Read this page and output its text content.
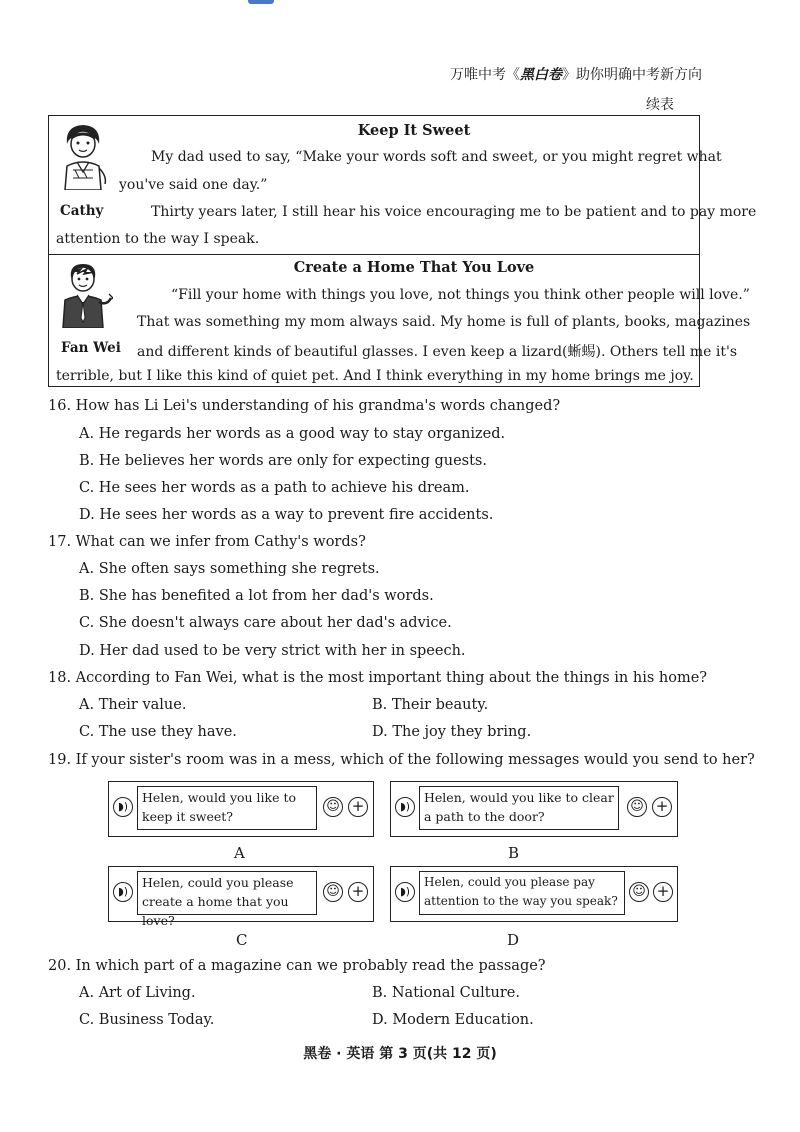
万唯中考《黑白卷》助你明确中考新方向
续表
Cathy
Keep It Sweet
My dad used to say, “Make your words soft and sweet, or you might regret what
you've said one day.”
Thirty years later, I still hear his voice encouraging me to be patient and to pay more
attention to the way I speak.
Fan Wei
Create a Home That You Love
“Fill your home with things you love, not things you think other people will love.”
That was something my mom always said. My home is full of plants, books, magazines
and different kinds of beautiful glasses. I even keep a lizard(蜥蜴). Others tell me it's
terrible, but I like this kind of quiet pet. And I think everything in my home brings me joy.
16. How has Li Lei's understanding of his grandma's words changed?
A. He regards her words as a good way to stay organized.
B. He believes her words are only for expecting guests.
C. He sees her words as a path to achieve his dream.
D. He sees her words as a way to prevent fire accidents.
17. What can we infer from Cathy's words?
A. She often says something she regrets.
B. She has benefited a lot from her dad's words.
C. She doesn't always care about her dad's advice.
D. Her dad used to be very strict with her in speech.
18. According to Fan Wei, what is the most important thing about the things in his home?
A. Their value.	B. Their beauty.
C. The use they have.	D. The joy they bring.
19. If your sister's room was in a mess, which of the following messages would you send to her?
◗)
Helen, would you like to keep it sweet?
☺ +
A
◗)
Helen, would you like to clear a path to the door?
☺ +
B
◗)
Helen, could you please create a home that you love?
☺ +
C
◗)
Helen, could you please pay attention to the way you speak?
☺ +
D
20. In which part of a magazine can we probably read the passage?
A. Art of Living.	B. National Culture.
C. Business Today.	D. Modern Education.
黑卷 · 英语 第 3 页(共 12 页)
